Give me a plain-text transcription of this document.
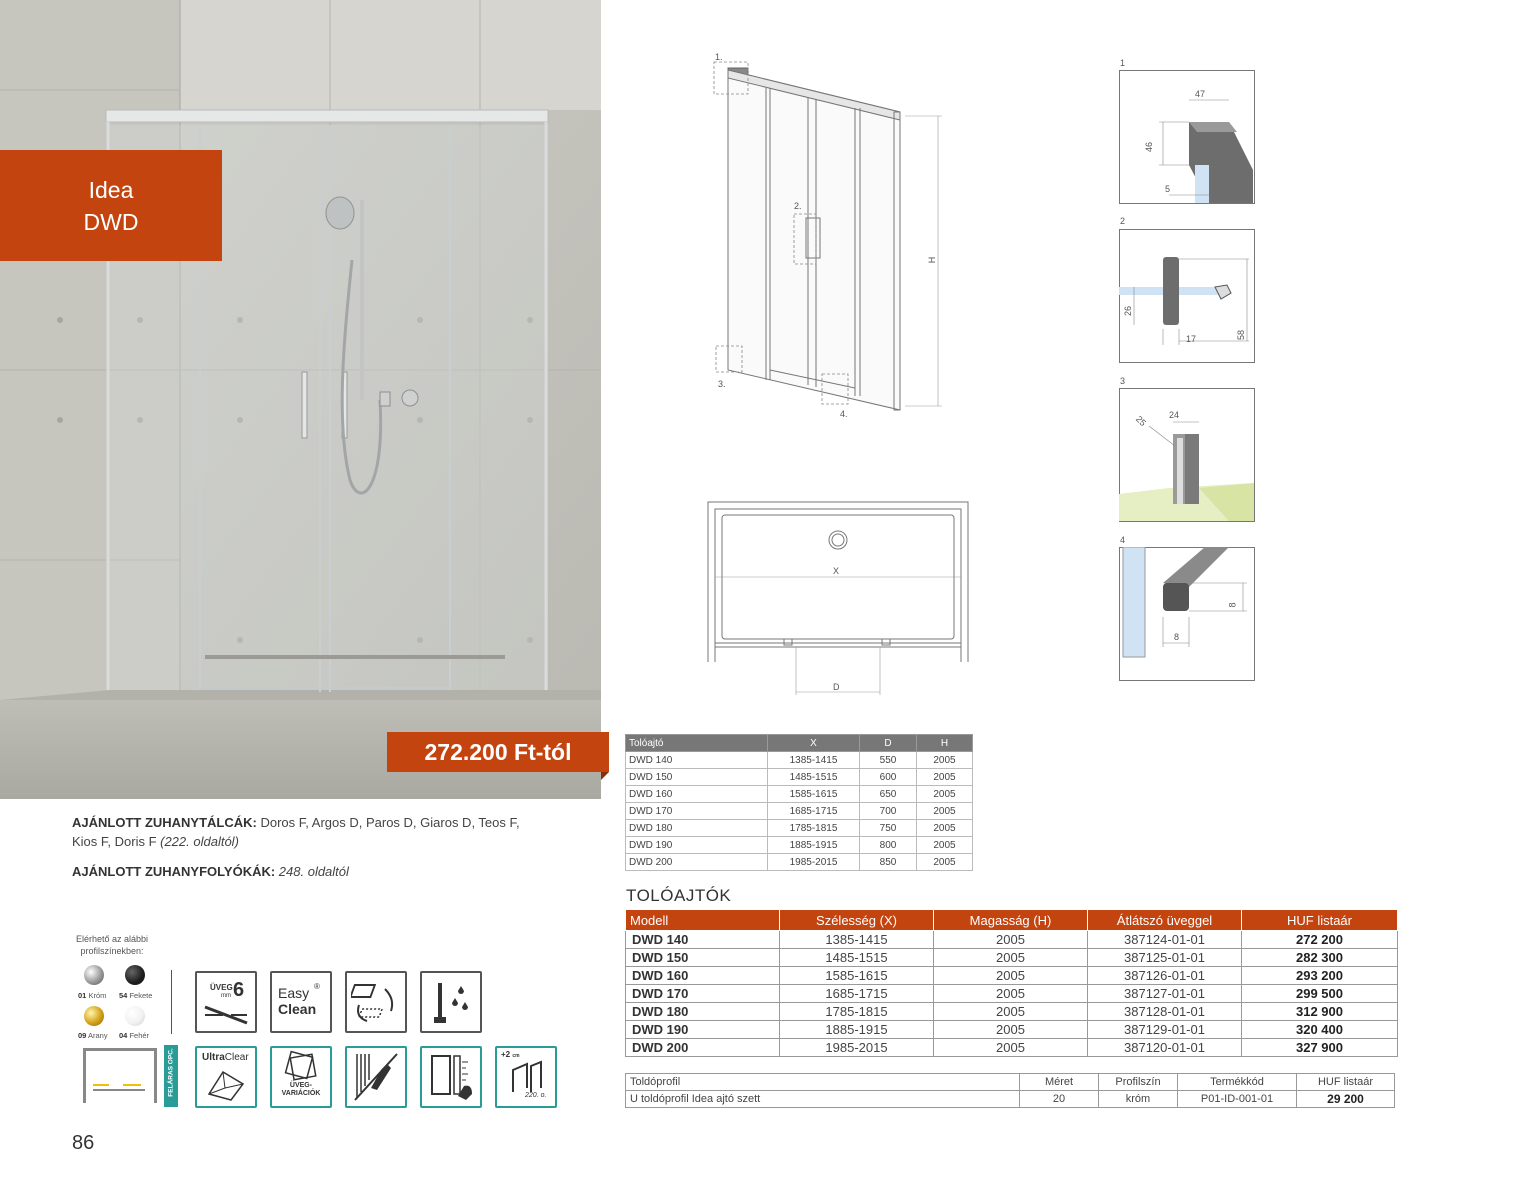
Idea
DWD
272.200 Ft-tól
AJÁNLOTT ZUHANYTÁLCÁK: Doros F, Argos D, Paros D, Giaros D, Teos F, Kios F, Doris F (222. oldaltól)
AJÁNLOTT ZUHANYFOLYÓKÁK: 248. oldaltól
Elérhető az alábbi profilszínekben:
01 Króm 54 Fekete
09 Arany 04 Fehér
ÜVEG
mm 6 Easy ®
Clean
FELÁRAS OPC.	UltraClear
ÜVEG-
VARIÁCIÓK
+2 cm
220. o.
86
1.
2.
3.
4.
H
X
D
1
47
46
5
2
26
17	58
3
24
25
4
8
8
Tolóajtó	X	D	H
DWD 140	1385-1415	550	2005
DWD 150	1485-1515	600	2005
DWD 160	1585-1615	650	2005
DWD 170	1685-1715	700	2005
DWD 180	1785-1815	750	2005
DWD 190	1885-1915	800	2005
DWD 200	1985-2015	850	2005
TOLÓAJTÓK
Modell	Szélesség (X)	Magasság (H)	Átlátszó üveggel	HUF listaár
DWD 140	1385-1415	2005	387124-01-01	272 200
DWD 150	1485-1515	2005	387125-01-01	282 300
DWD 160	1585-1615	2005	387126-01-01	293 200
DWD 170	1685-1715	2005	387127-01-01	299 500
DWD 180	1785-1815	2005	387128-01-01	312 900
DWD 190	1885-1915	2005	387129-01-01	320 400
DWD 200	1985-2015	2005	387120-01-01	327 900
Toldóprofil	Méret	Profilszín	Termékkód	HUF listaár
U toldóprofil Idea ajtó szett	20	króm	P01-ID-001-01	29 200
